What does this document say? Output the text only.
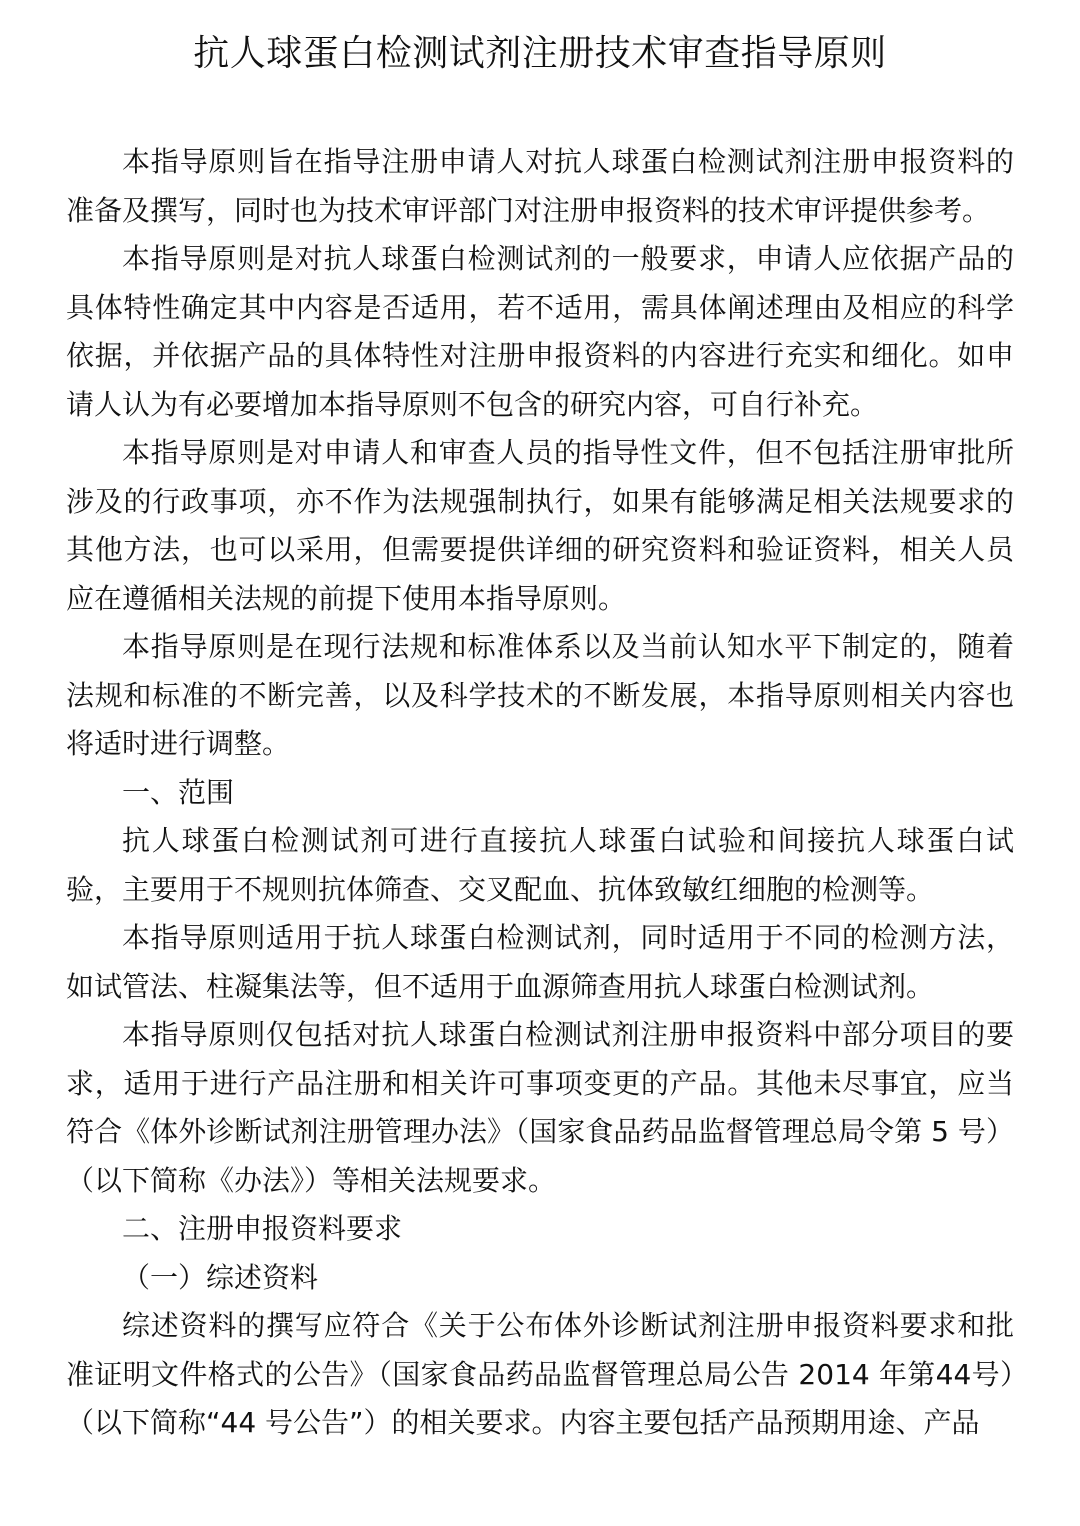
抗人球蛋白检测试剂注册技术审查指导原则

本指导原则旨在指导注册申请人对抗人球蛋白检测试剂注册申报资料的准备及撰写，同时也为技术审评部门对注册申报资料的技术审评提供参考。

本指导原则是对抗人球蛋白检测试剂的一般要求，申请人应依据产品的具体特性确定其中内容是否适用，若不适用，需具体阐述理由及相应的科学依据，并依据产品的具体特性对注册申报资料的内容进行充实和细化。如申请人认为有必要增加本指导原则不包含的研究内容，可自行补充。

本指导原则是对申请人和审查人员的指导性文件，但不包括注册审批所涉及的行政事项，亦不作为法规强制执行，如果有能够满足相关法规要求的其他方法，也可以采用，但需要提供详细的研究资料和验证资料，相关人员应在遵循相关法规的前提下使用本指导原则。

本指导原则是在现行法规和标准体系以及当前认知水平下制定的，随着法规和标准的不断完善，以及科学技术的不断发展，本指导原则相关内容也将适时进行调整。

一、范围

抗人球蛋白检测试剂可进行直接抗人球蛋白试验和间接抗人球蛋白试验，主要用于不规则抗体筛查、交叉配血、抗体致敏红细胞的检测等。

本指导原则适用于抗人球蛋白检测试剂，同时适用于不同的检测方法，如试管法、柱凝集法等，但不适用于血源筛查用抗人球蛋白检测试剂。

本指导原则仅包括对抗人球蛋白检测试剂注册申报资料中部分项目的要求，适用于进行产品注册和相关许可事项变更的产品。其他未尽事宜，应当符合《体外诊断试剂注册管理办法》（国家食品药品监督管理总局令第 5 号）（以下简称《办法》）等相关法规要求。

二、注册申报资料要求

（一）综述资料

综述资料的撰写应符合《关于公布体外诊断试剂注册申报资料要求和批准证明文件格式的公告》（国家食品药品监督管理总局公告 2014 年第44号）（以下简称“44 号公告”）的相关要求。内容主要包括产品预期用途、产品
